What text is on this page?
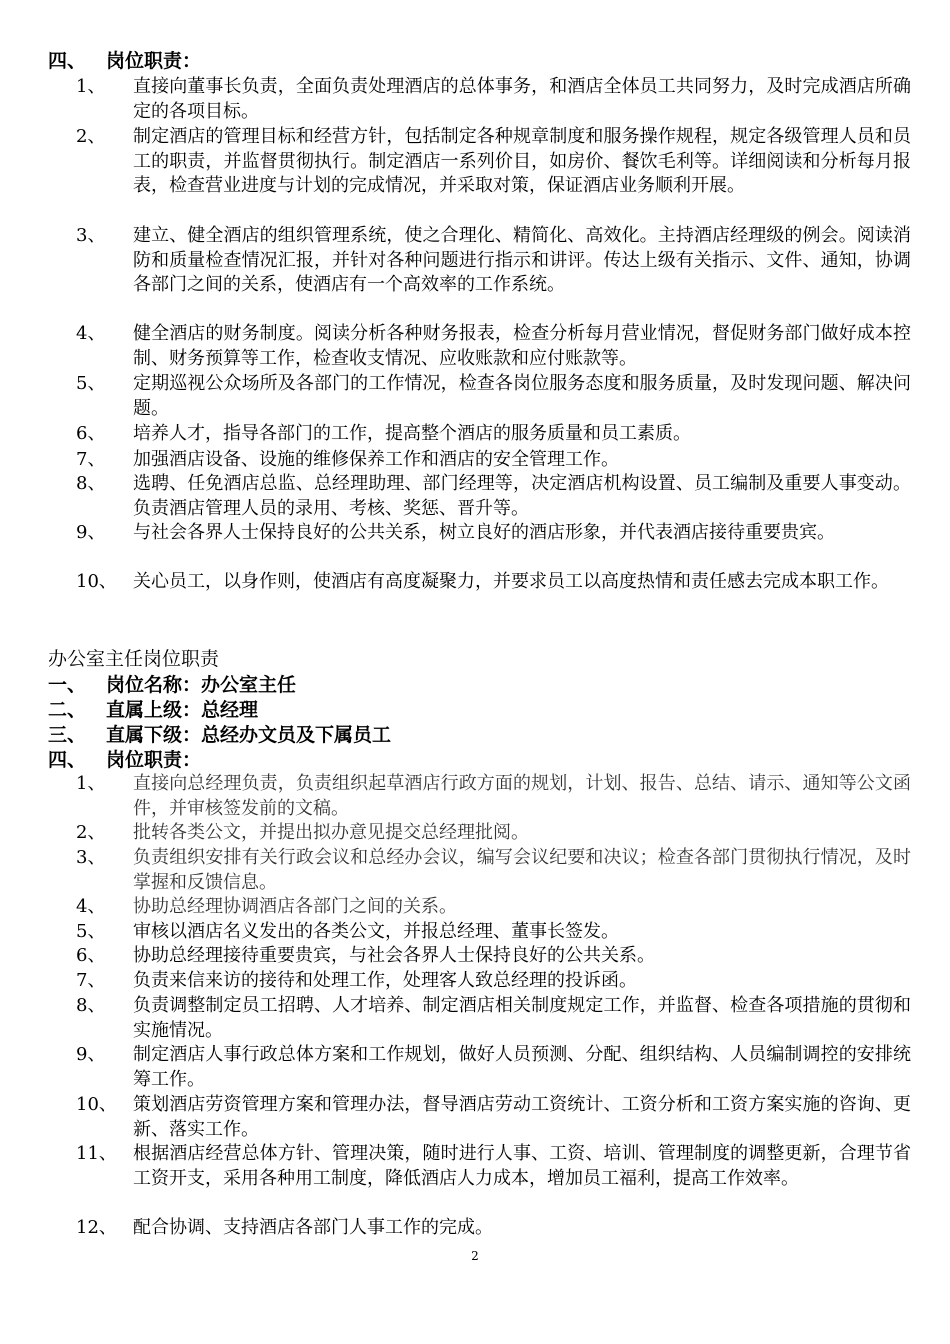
四、 岗位职责：
1、	直接向董事长负责，全面负责处理酒店的总体事务，和酒店全体员工共同努力，及时完成酒店所确定的各项目标。
2、	制定酒店的管理目标和经营方针，包括制定各种规章制度和服务操作规程，规定各级管理人员和员工的职责，并监督贯彻执行。制定酒店一系列价目，如房价、餐饮毛利等。详细阅读和分析每月报表，检查营业进度与计划的完成情况，并采取对策，保证酒店业务顺利开展。
3、	建立、健全酒店的组织管理系统，使之合理化、精简化、高效化。主持酒店经理级的例会。阅读消防和质量检查情况汇报，并针对各种问题进行指示和讲评。传达上级有关指示、文件、通知，协调各部门之间的关系，使酒店有一个高效率的工作系统。
4、	健全酒店的财务制度。阅读分析各种财务报表，检查分析每月营业情况，督促财务部门做好成本控制、财务预算等工作，检查收支情况、应收账款和应付账款等。
5、	定期巡视公众场所及各部门的工作情况，检查各岗位服务态度和服务质量，及时发现问题、解决问题。
6、	培养人才，指导各部门的工作，提高整个酒店的服务质量和员工素质。
7、	加强酒店设备、设施的维修保养工作和酒店的安全管理工作。
8、	选聘、任免酒店总监、总经理助理、部门经理等，决定酒店机构设置、员工编制及重要人事变动。负责酒店管理人员的录用、考核、奖惩、晋升等。
9、	与社会各界人士保持良好的公共关系，树立良好的酒店形象，并代表酒店接待重要贵宾。
10、 关心员工，以身作则，使酒店有高度凝聚力，并要求员工以高度热情和责任感去完成本职工作。
办公室主任岗位职责
一、 岗位名称：办公室主任
二、 直属上级：总经理
三、 直属下级：总经办文员及下属员工
四、 岗位职责：
1、	直接向总经理负责，负责组织起草酒店行政方面的规划，计划、报告、总结、请示、通知等公文函件，并审核签发前的文稿。
2、	批转各类公文，并提出拟办意见提交总经理批阅。
3、	负责组织安排有关行政会议和总经办会议，编写会议纪要和决议；检查各部门贯彻执行情况，及时掌握和反馈信息。
4、	协助总经理协调酒店各部门之间的关系。
5、	审核以酒店名义发出的各类公文，并报总经理、董事长签发。
6、	协助总经理接待重要贵宾，与社会各界人士保持良好的公共关系。
7、	负责来信来访的接待和处理工作，处理客人致总经理的投诉函。
8、	负责调整制定员工招聘、人才培养、制定酒店相关制度规定工作，并监督、检查各项措施的贯彻和实施情况。
9、	制定酒店人事行政总体方案和工作规划，做好人员预测、分配、组织结构、人员编制调控的安排统筹工作。
10、 策划酒店劳资管理方案和管理办法，督导酒店劳动工资统计、工资分析和工资方案实施的咨询、更新、落实工作。
11、 根据酒店经营总体方针、管理决策，随时进行人事、工资、培训、管理制度的调整更新，合理节省工资开支，采用各种用工制度，降低酒店人力成本，增加员工福利，提高工作效率。
12、 配合协调、支持酒店各部门人事工作的完成。
2
